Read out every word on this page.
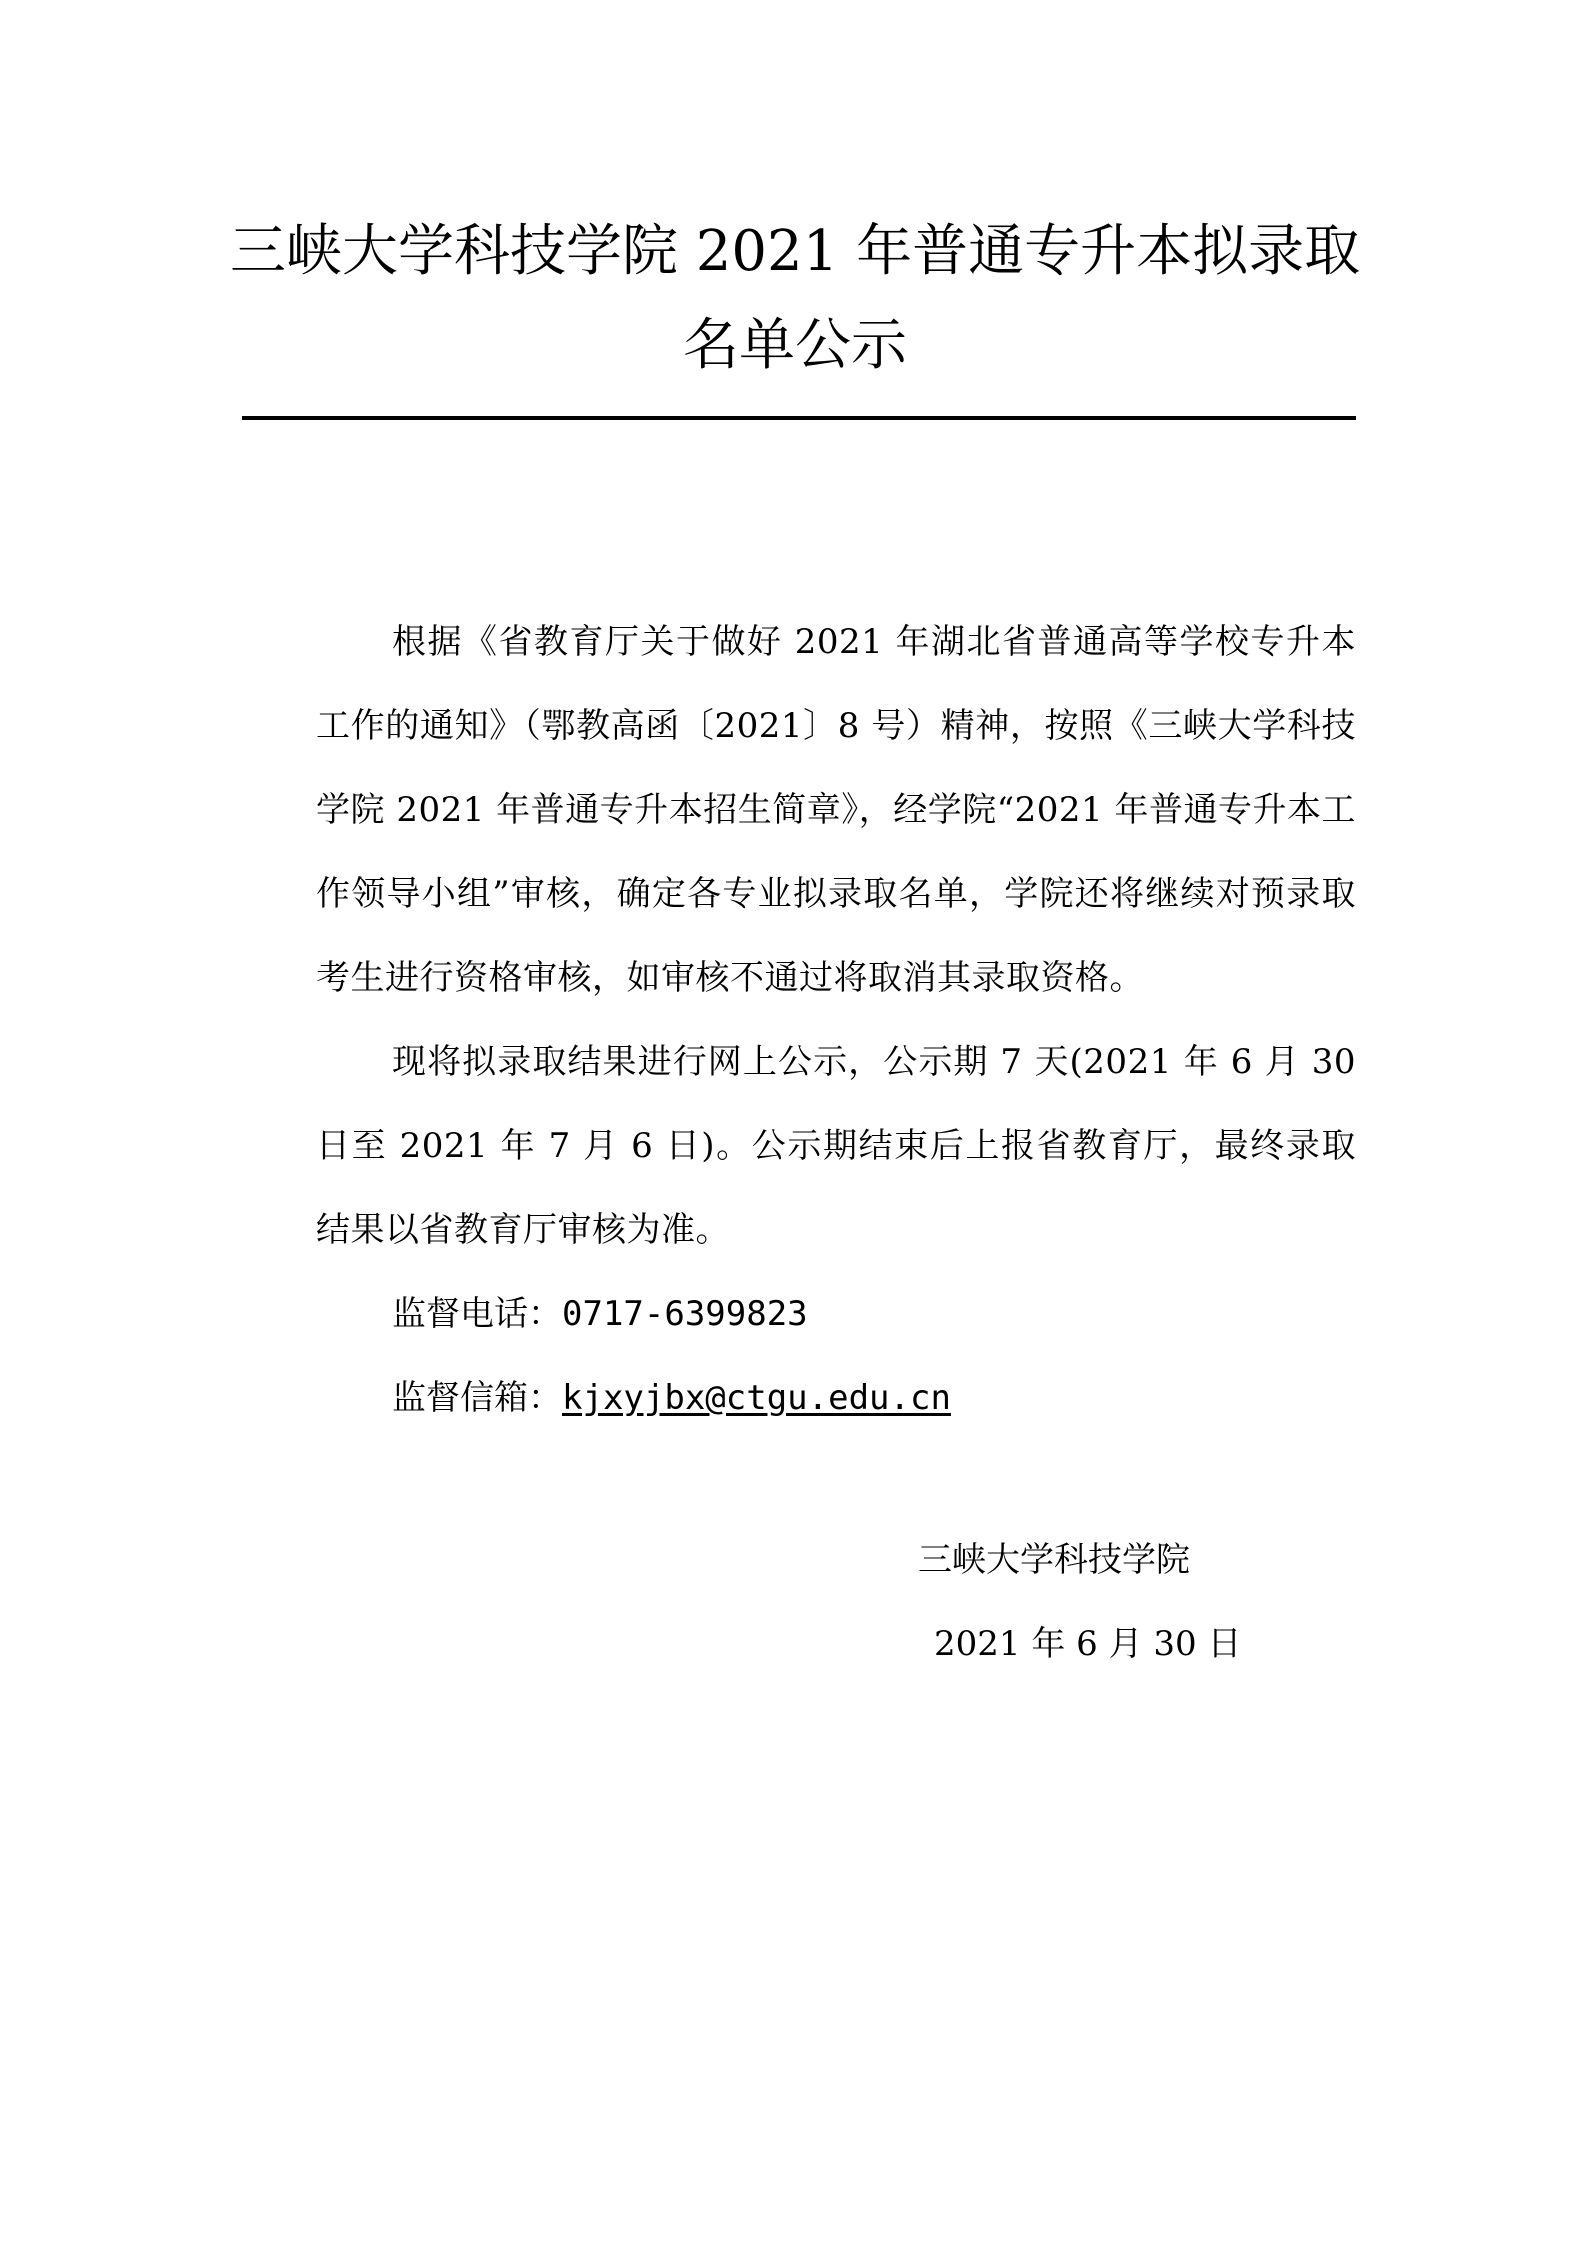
三峡大学科技学院 2021 年普通专升本拟录取
名单公示

根据《省教育厅关于做好 2021 年湖北省普通高等学校专升本工作的通知》（鄂教高函〔2021〕8 号）精神，按照《三峡大学科技学院 2021 年普通专升本招生简章》，经学院“2021 年普通专升本工作领导小组”审核，确定各专业拟录取名单，学院还将继续对预录取考生进行资格审核，如审核不通过将取消其录取资格。

现将拟录取结果进行网上公示，公示期 7 天(2021 年 6 月 30 日至 2021 年 7 月 6 日)。公示期结束后上报省教育厅，最终录取结果以省教育厅审核为准。

监督电话：0717-6399823
监督信箱：kjxyjbx@ctgu.edu.cn
三峡大学科技学院
2021 年 6 月 30 日
